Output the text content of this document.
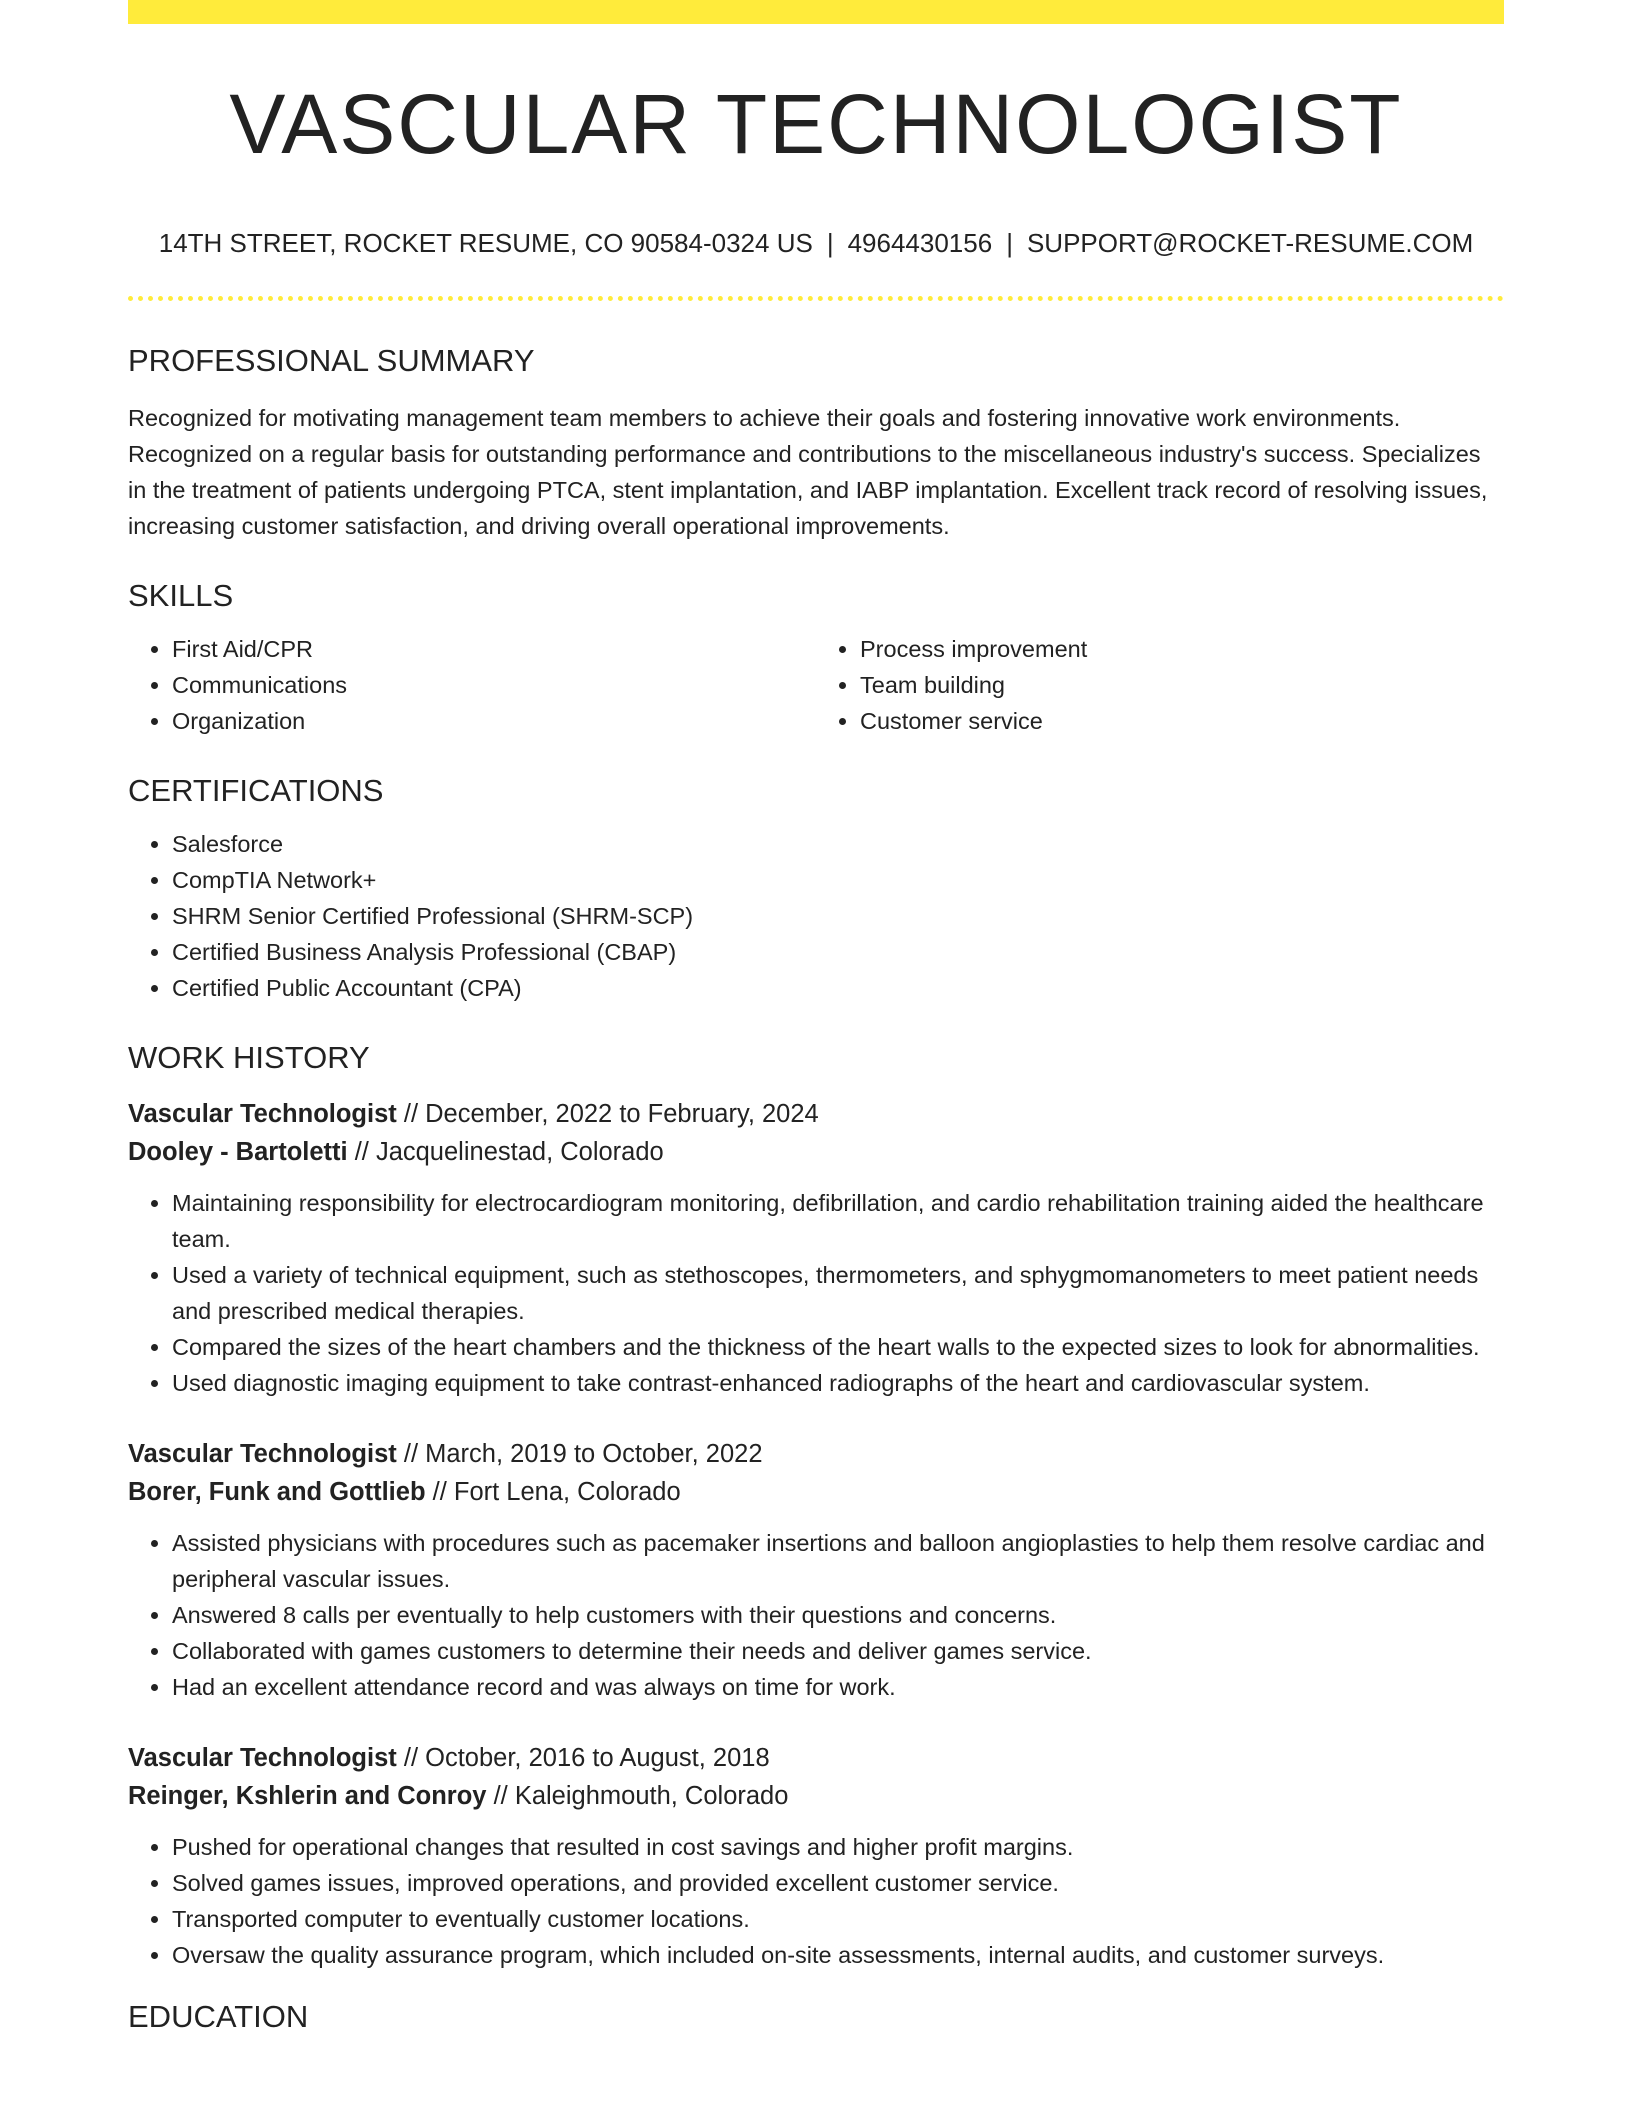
VASCULAR TECHNOLOGIST
14TH STREET, ROCKET RESUME, CO 90584-0324 US | 4964430156 | SUPPORT@ROCKET-RESUME.COM
PROFESSIONAL SUMMARY
Recognized for motivating management team members to achieve their goals and fostering innovative work environments. Recognized on a regular basis for outstanding performance and contributions to the miscellaneous industry's success. Specializes in the treatment of patients undergoing PTCA, stent implantation, and IABP implantation. Excellent track record of resolving issues, increasing customer satisfaction, and driving overall operational improvements.
SKILLS
• First Aid/CPR
• Communications
• Organization
• Process improvement
• Team building
• Customer service
CERTIFICATIONS
• Salesforce
• CompTIA Network+
• SHRM Senior Certified Professional (SHRM-SCP)
• Certified Business Analysis Professional (CBAP)
• Certified Public Accountant (CPA)
WORK HISTORY
Vascular Technologist // December, 2022 to February, 2024
Dooley - Bartoletti // Jacquelinestad, Colorado
• Maintaining responsibility for electrocardiogram monitoring, defibrillation, and cardio rehabilitation training aided the healthcare team.
• Used a variety of technical equipment, such as stethoscopes, thermometers, and sphygmomanometers to meet patient needs and prescribed medical therapies.
• Compared the sizes of the heart chambers and the thickness of the heart walls to the expected sizes to look for abnormalities.
• Used diagnostic imaging equipment to take contrast-enhanced radiographs of the heart and cardiovascular system.
Vascular Technologist // March, 2019 to October, 2022
Borer, Funk and Gottlieb // Fort Lena, Colorado
• Assisted physicians with procedures such as pacemaker insertions and balloon angioplasties to help them resolve cardiac and peripheral vascular issues.
• Answered 8 calls per eventually to help customers with their questions and concerns.
• Collaborated with games customers to determine their needs and deliver games service.
• Had an excellent attendance record and was always on time for work.
Vascular Technologist // October, 2016 to August, 2018
Reinger, Kshlerin and Conroy // Kaleighmouth, Colorado
• Pushed for operational changes that resulted in cost savings and higher profit margins.
• Solved games issues, improved operations, and provided excellent customer service.
• Transported computer to eventually customer locations.
• Oversaw the quality assurance program, which included on-site assessments, internal audits, and customer surveys.
EDUCATION
